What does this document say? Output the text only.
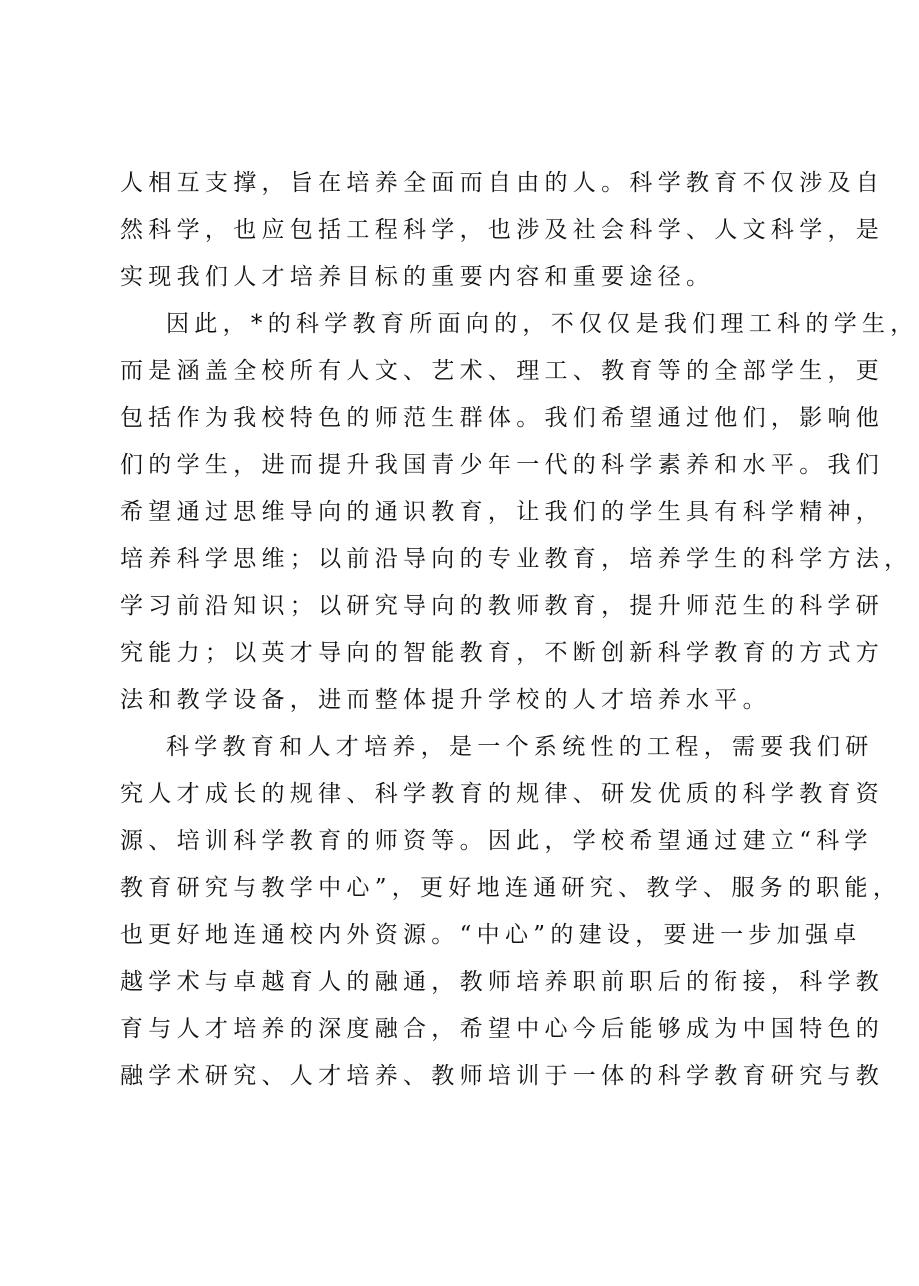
人相互支撑，旨在培养全面而自由的人。科学教育不仅涉及自
然科学，也应包括工程科学，也涉及社会科学、人文科学，是
实现我们人才培养目标的重要内容和重要途径。

因此，*的科学教育所面向的，不仅仅是我们理工科的学生，
而是涵盖全校所有人文、艺术、理工、教育等的全部学生，更
包括作为我校特色的师范生群体。我们希望通过他们，影响他
们的学生，进而提升我国青少年一代的科学素养和水平。我们
希望通过思维导向的通识教育，让我们的学生具有科学精神，
培养科学思维；以前沿导向的专业教育，培养学生的科学方法，
学习前沿知识；以研究导向的教师教育，提升师范生的科学研
究能力；以英才导向的智能教育，不断创新科学教育的方式方
法和教学设备，进而整体提升学校的人才培养水平。

科学教育和人才培养，是一个系统性的工程，需要我们研
究人才成长的规律、科学教育的规律、研发优质的科学教育资
源、培训科学教育的师资等。因此，学校希望通过建立“科学
教育研究与教学中心”，更好地连通研究、教学、服务的职能，
也更好地连通校内外资源。“中心”的建设，要进一步加强卓
越学术与卓越育人的融通，教师培养职前职后的衔接，科学教
育与人才培养的深度融合，希望中心今后能够成为中国特色的
融学术研究、人才培养、教师培训于一体的科学教育研究与教
